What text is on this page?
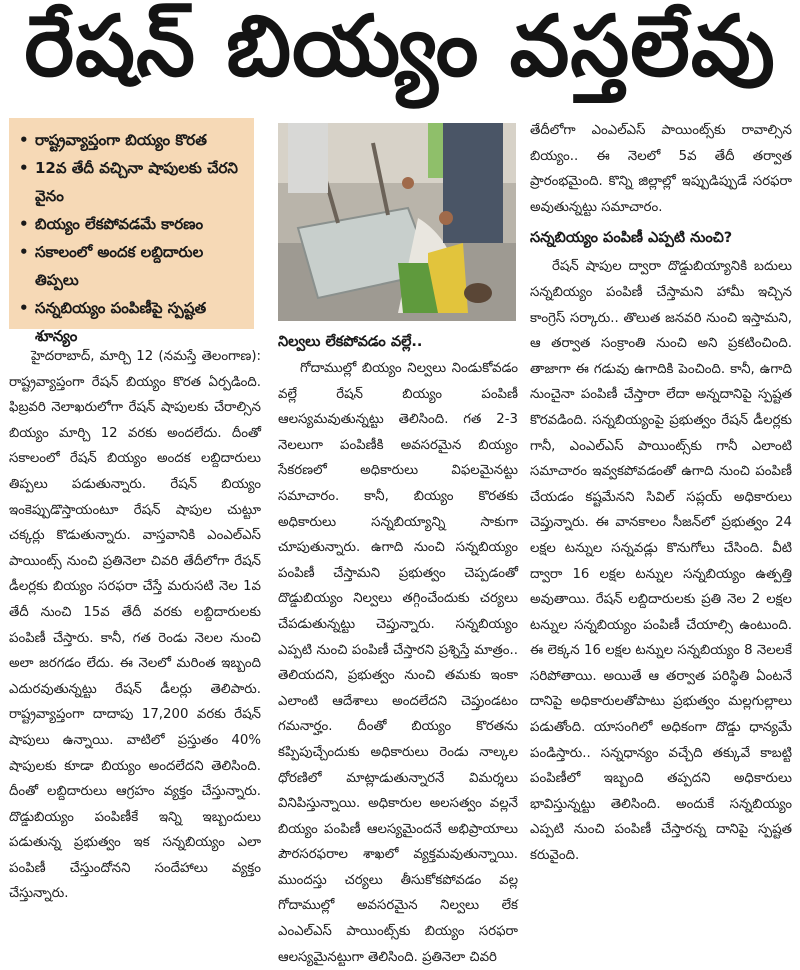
రేషన్ బియ్యం వస్తలేవు
• రాష్ట్రవ్యాప్తంగా బియ్యం కొరత
• 12వ తేదీ వచ్చినా షాపులకు చేరని వైనం
• బియ్యం లేకపోవడమే కారణం
• సకాలంలో అందక లబ్దిదారుల తిప్పలు
• సన్నబియ్యం పంపిణీపై స్పష్టత శూన్యం

హైదరాబాద్, మార్చి 12 (నమస్తే తెలంగాణ): రాష్ట్రవ్యాప్తంగా రేషన్ బియ్యం కొరత ఏర్పడింది. ఫిబ్రవరి నెలాఖరులోగా రేషన్ షాపులకు చేరాల్సిన బియ్యం మార్చి 12 వరకు అందలేదు. దీంతో సకాలంలో రేషన్ బియ్యం అందక లబ్దిదారులు తిప్పలు పడుతున్నారు. రేషన్ బియ్యం ఇంకెప్పుడొస్తాయంటూ రేషన్ షాపుల చుట్టూ చక్కర్లు కొడుతున్నారు. వాస్తవానికి ఎంఎల్‌ఎస్ పాయింట్స్ నుంచి ప్రతినెలా చివరి తేదీలోగా రేషన్ డీలర్లకు బియ్యం సరఫరా చేస్తే మరుసటి నెల 1వ తేదీ నుంచి 15వ తేదీ వరకు లబ్దిదారులకు పంపిణీ చేస్తారు. కానీ, గత రెండు నెలల నుంచి అలా జరగడం లేదు. ఈ నెలలో మరింత ఇబ్బంది ఎదురవుతున్నట్టు రేషన్ డీలర్లు తెలిపారు. రాష్ట్రవ్యాప్తంగా దాదాపు 17,200 వరకు రేషన్ షాపులు ఉన్నాయి. వాటిలో ప్రస్తుతం 40% షాపులకు కూడా బియ్యం అందలేదని తెలిసింది. దీంతో లబ్దిదారులు ఆగ్రహం వ్యక్తం చేస్తున్నారు. దొడ్డుబియ్యం పంపిణీకే ఇన్ని ఇబ్బందులు పడుతున్న ప్రభుత్వం ఇక సన్నబియ్యం ఎలా పంపిణీ చేస్తుందోనని సందేహాలు వ్యక్తం చేస్తున్నారు.

నిల్వలు లేకపోవడం వల్లే..

గోదాముల్లో బియ్యం నిల్వలు నిండుకోవడం వల్లే రేషన్ బియ్యం పంపిణీ ఆలస్యమవుతున్నట్టు తెలిసింది. గత 2-3 నెలలుగా పంపిణీకి అవసరమైన బియ్యం సేకరణలో అధికారులు విఫలమైనట్టు సమాచారం. కానీ, బియ్యం కొరతకు అధికారులు సన్నబియ్యాన్ని సాకుగా చూపుతున్నారు. ఉగాది నుంచి సన్నబియ్యం పంపిణీ చేస్తామని ప్రభుత్వం చెప్పడంతో దొడ్డుబియ్యం నిల్వలు తగ్గించేందుకు చర్యలు చేపడుతున్నట్టు చెప్తున్నారు. సన్నబియ్యం ఎప్పటి నుంచి పంపిణీ చేస్తారని ప్రశ్నిస్తే మాత్రం.. తెలియదని, ప్రభుత్వం నుంచి తమకు ఇంకా ఎలాంటి ఆదేశాలు అందలేదని చెప్తుండటం గమనార్హం. దీంతో బియ్యం కొరతను కప్పిపుచ్చేందుకు అధికారులు రెండు నాల్కల ధోరణిలో మాట్లాడుతున్నారనే విమర్శలు వినిపిస్తున్నాయి. అధికారుల అలసత్వం వల్లనే బియ్యం పంపిణీ ఆలస్యమైందనే అభిప్రాయాలు పౌరసరఫరాల శాఖలో వ్యక్తమవుతున్నాయి. ముందస్తు చర్యలు తీసుకోకపోవడం వల్ల గోదాముల్లో అవసరమైన నిల్వలు లేక ఎంఎల్‌ఎస్ పాయింట్స్‌కు బియ్యం సరఫరా ఆలస్యమైనట్టుగా తెలిసింది. ప్రతినెలా చివరి

తేదీలోగా ఎంఎల్‌ఎస్ పాయింట్స్‌కు రావాల్సిన బియ్యం.. ఈ నెలలో 5వ తేదీ తర్వాత ప్రారంభమైంది. కొన్ని జిల్లాల్లో ఇప్పుడిప్పుడే సరఫరా అవుతున్నట్టు సమాచారం.

సన్నబియ్యం పంపిణీ ఎప్పటి నుంచి?

రేషన్ షాపుల ద్వారా దొడ్డుబియ్యానికి బదులు సన్నబియ్యం పంపిణీ చేస్తామని హామీ ఇచ్చిన కాంగ్రెస్ సర్కారు.. తొలుత జనవరి నుంచి ఇస్తామని, ఆ తర్వాత సంక్రాంతి నుంచి అని ప్రకటించింది. తాజాగా ఈ గడువు ఉగాదికి పెంచింది. కానీ, ఉగాది నుంచైనా పంపిణీ చేస్తారా లేదా అన్నదానిపై స్పష్టత కొరవడింది. సన్నబియ్యంపై ప్రభుత్వం రేషన్ డీలర్లకు గానీ, ఎంఎల్‌ఎస్ పాయింట్స్‌కు గానీ ఎలాంటి సమాచారం ఇవ్వకపోవడంతో ఉగాది నుంచి పంపిణీ చేయడం కష్టమేనని సివిల్ సప్లయ్ అధికారులు చెప్తున్నారు. ఈ వానకాలం సీజన్‌లో ప్రభుత్వం 24 లక్షల టన్నుల సన్నవడ్లు కొనుగోలు చేసింది. వీటి ద్వారా 16 లక్షల టన్నుల సన్నబియ్యం ఉత్పత్తి అవుతాయి. రేషన్ లబ్దిదారులకు ప్రతి నెల 2 లక్షల టన్నుల సన్నబియ్యం పంపిణీ చేయాల్సి ఉంటుంది. ఈ లెక్కన 16 లక్షల టన్నుల సన్నబియ్యం 8 నెలలకే సరిపోతాయి. అయితే ఆ తర్వాత పరిస్థితి ఏంటనే దానిపై అధికారులతోపాటు ప్రభుత్వం మల్లగుల్లాలు పడుతోంది. యాసంగిలో అధికంగా దొడ్డు ధాన్యమే పండిస్తారు.. సన్నధాన్యం వచ్చేది తక్కువే కాబట్టి పంపిణీలో ఇబ్బంది తప్పదని అధికారులు భావిస్తున్నట్టు తెలిసింది. అందుకే సన్నబియ్యం ఎప్పటి నుంచి పంపిణీ చేస్తారన్న దానిపై స్పష్టత కరువైంది.
